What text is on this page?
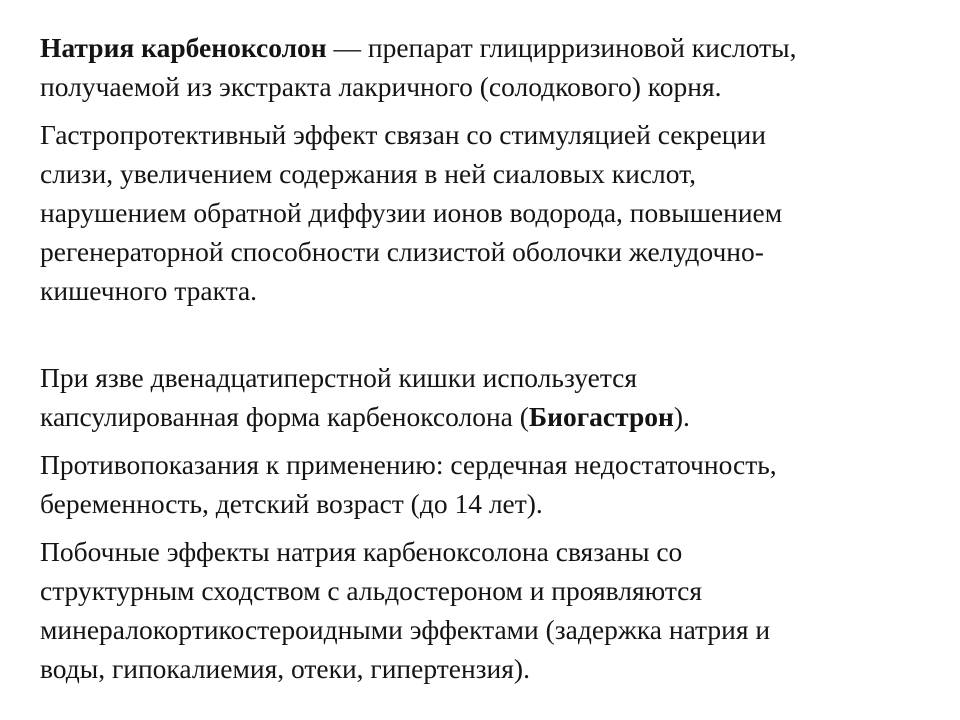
Натрия карбеноксолон — препарат глицирризиновой кислоты,
получаемой из экстракта лакричного (солодкового) корня.

Гастропротективный эффект связан со стимуляцией секреции
слизи, увеличением содержания в ней сиаловых кислот,
нарушением обратной диффузии ионов водорода, повышением
регенераторной способности слизистой оболочки желудочно-
кишечного тракта.

При язве двенадцатиперстной кишки используется
капсулированная форма карбеноксолона (Биогастрон).

Противопоказания к применению: сердечная недостаточность,
беременность, детский возраст (до 14 лет).

Побочные эффекты натрия карбеноксолона связаны со
структурным сходством с альдостероном и проявляются
минералокортикостероидными эффектами (задержка натрия и
воды, гипокалиемия, отеки, гипертензия).
